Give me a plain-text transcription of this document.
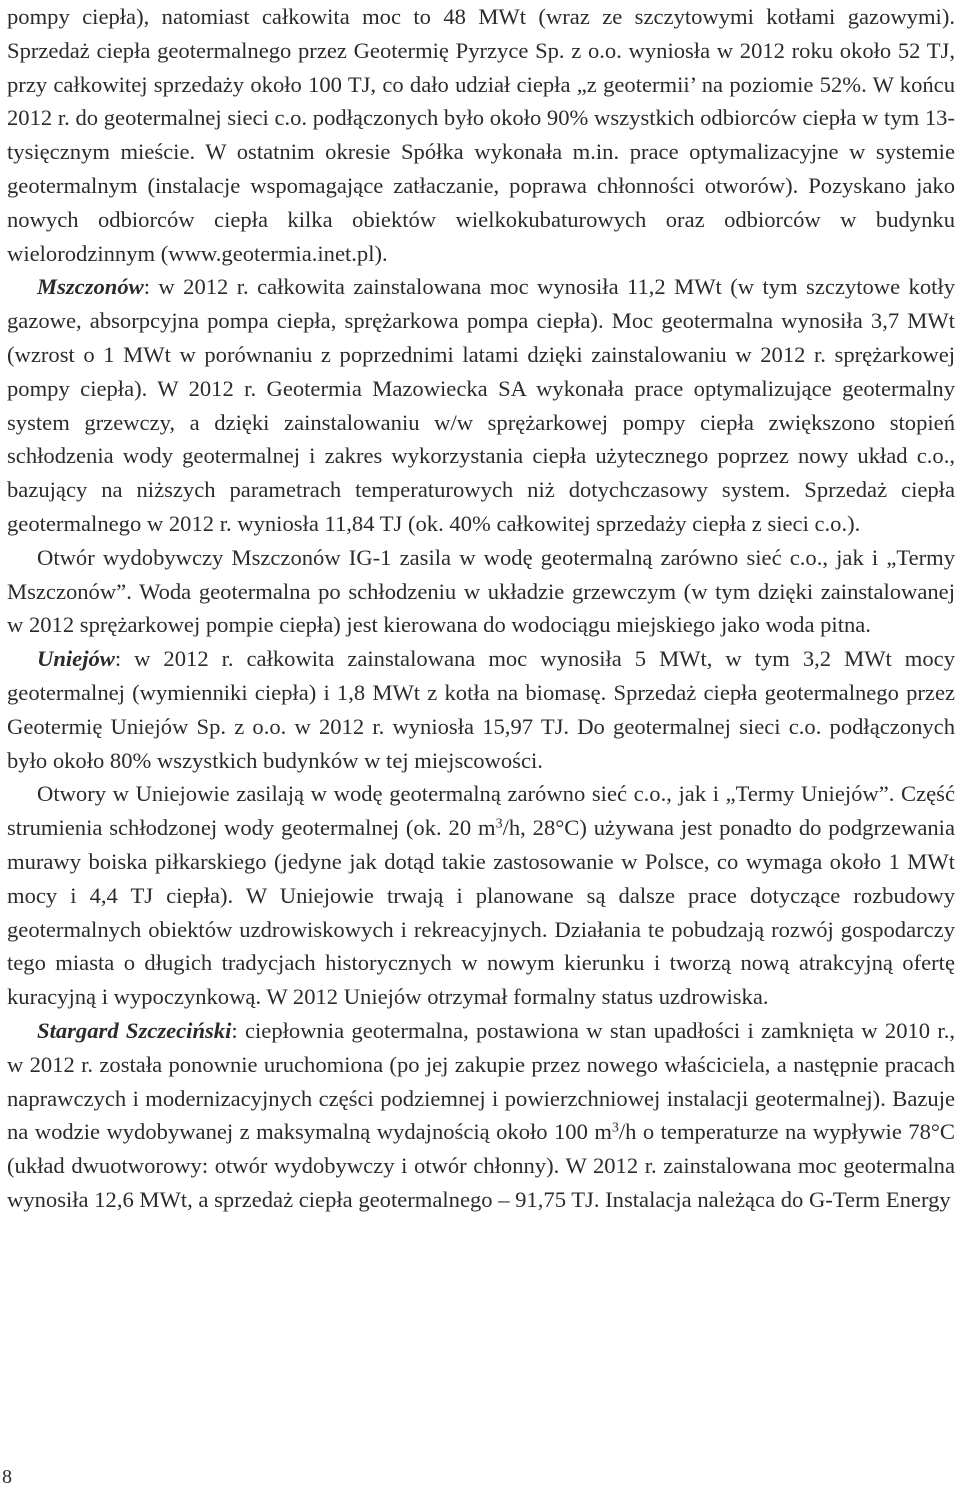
pompy ciepła), natomiast całkowita moc to 48 MWt (wraz ze szczytowymi kotłami gazowymi). Sprzedaż ciepła geotermalnego przez Geotermię Pyrzyce Sp. z o.o. wyniosła w 2012 roku około 52 TJ, przy całkowitej sprzedaży około 100 TJ, co dało udział ciepła „z geotermii’ na poziomie 52%. W końcu 2012 r. do geotermalnej sieci c.o. podłączonych było około 90% wszystkich odbiorców ciepła w tym 13-tysięcznym mieście. W ostatnim okresie Spółka wykonała m.in. prace optymalizacyjne w systemie geotermalnym (instalacje wspomagające zatłaczanie, poprawa chłonności otworów). Pozyskano jako nowych odbiorców ciepła kilka obiektów wielkokubaturowych oraz odbiorców w budynku wielorodzinnym (www.geotermia.inet.pl).

Mszczonów: w 2012 r. całkowita zainstalowana moc wynosiła 11,2 MWt (w tym szczytowe kotły gazowe, absorpcyjna pompa ciepła, sprężarkowa pompa ciepła). Moc geotermalna wynosiła 3,7 MWt (wzrost o 1 MWt w porównaniu z poprzednimi latami dzięki zainstalowaniu w 2012 r. sprężarkowej pompy ciepła). W 2012 r. Geotermia Mazowiecka SA wykonała prace optymalizujące geotermalny system grzewczy, a dzięki zainstalowaniu w/w sprężarkowej pompy ciepła zwiększono stopień schłodzenia wody geotermalnej i zakres wykorzystania ciepła użytecznego poprzez nowy układ c.o., bazujący na niższych parametrach temperaturowych niż dotychczasowy system. Sprzedaż ciepła geotermalnego w 2012 r. wyniosła 11,84 TJ (ok. 40% całkowitej sprzedaży ciepła z sieci c.o.).

Otwór wydobywczy Mszczonów IG-1 zasila w wodę geotermalną zarówno sieć c.o., jak i „Termy Mszczonów”. Woda geotermalna po schłodzeniu w układzie grzewczym (w tym dzięki zainstalowanej w 2012 sprężarkowej pompie ciepła) jest kierowana do wodociągu miejskiego jako woda pitna.

Uniejów: w 2012 r. całkowita zainstalowana moc wynosiła 5 MWt, w tym 3,2 MWt mocy geotermalnej (wymienniki ciepła) i 1,8 MWt z kotła na biomasę. Sprzedaż ciepła geotermalnego przez Geotermię Uniejów Sp. z o.o. w 2012 r. wyniosła 15,97 TJ. Do geotermalnej sieci c.o. podłączonych było około 80% wszystkich budynków w tej miejscowości.

Otwory w Uniejowie zasilają w wodę geotermalną zarówno sieć c.o., jak i „Termy Uniejów”. Część strumienia schłodzonej wody geotermalnej (ok. 20 $m^3/h$, 28°C) używana jest ponadto do podgrzewania murawy boiska piłkarskiego (jedyne jak dotąd takie zastosowanie w Polsce, co wymaga około 1 MWt mocy i 4,4 TJ ciepła). W Uniejowie trwają i planowane są dalsze prace dotyczące rozbudowy geotermalnych obiektów uzdrowiskowych i rekreacyjnych. Działania te pobudzają rozwój gospodarczy tego miasta o długich tradycjach historycznych w nowym kierunku i tworzą nową atrakcyjną ofertę kuracyjną i wypoczynkową. W 2012 Uniejów otrzymał formalny status uzdrowiska.

Stargard Szczeciński: ciepłownia geotermalna, postawiona w stan upadłości i zamknięta w 2010 r., w 2012 r. została ponownie uruchomiona (po jej zakupie przez nowego właściciela, a następnie pracach naprawczych i modernizacyjnych części podziemnej i powierzchniowej instalacji geotermalnej). Bazuje na wodzie wydobywanej z maksymalną wydajnością około 100 $m^3/h$ o temperaturze na wypływie 78°C (układ dwuotworowy: otwór wydobywczy i otwór chłonny). W 2012 r. zainstalowana moc geotermalna wynosiła 12,6 MWt, a sprzedaż ciepła geotermalnego – 91,75 TJ. Instalacja należąca do G-Term Energy

8
